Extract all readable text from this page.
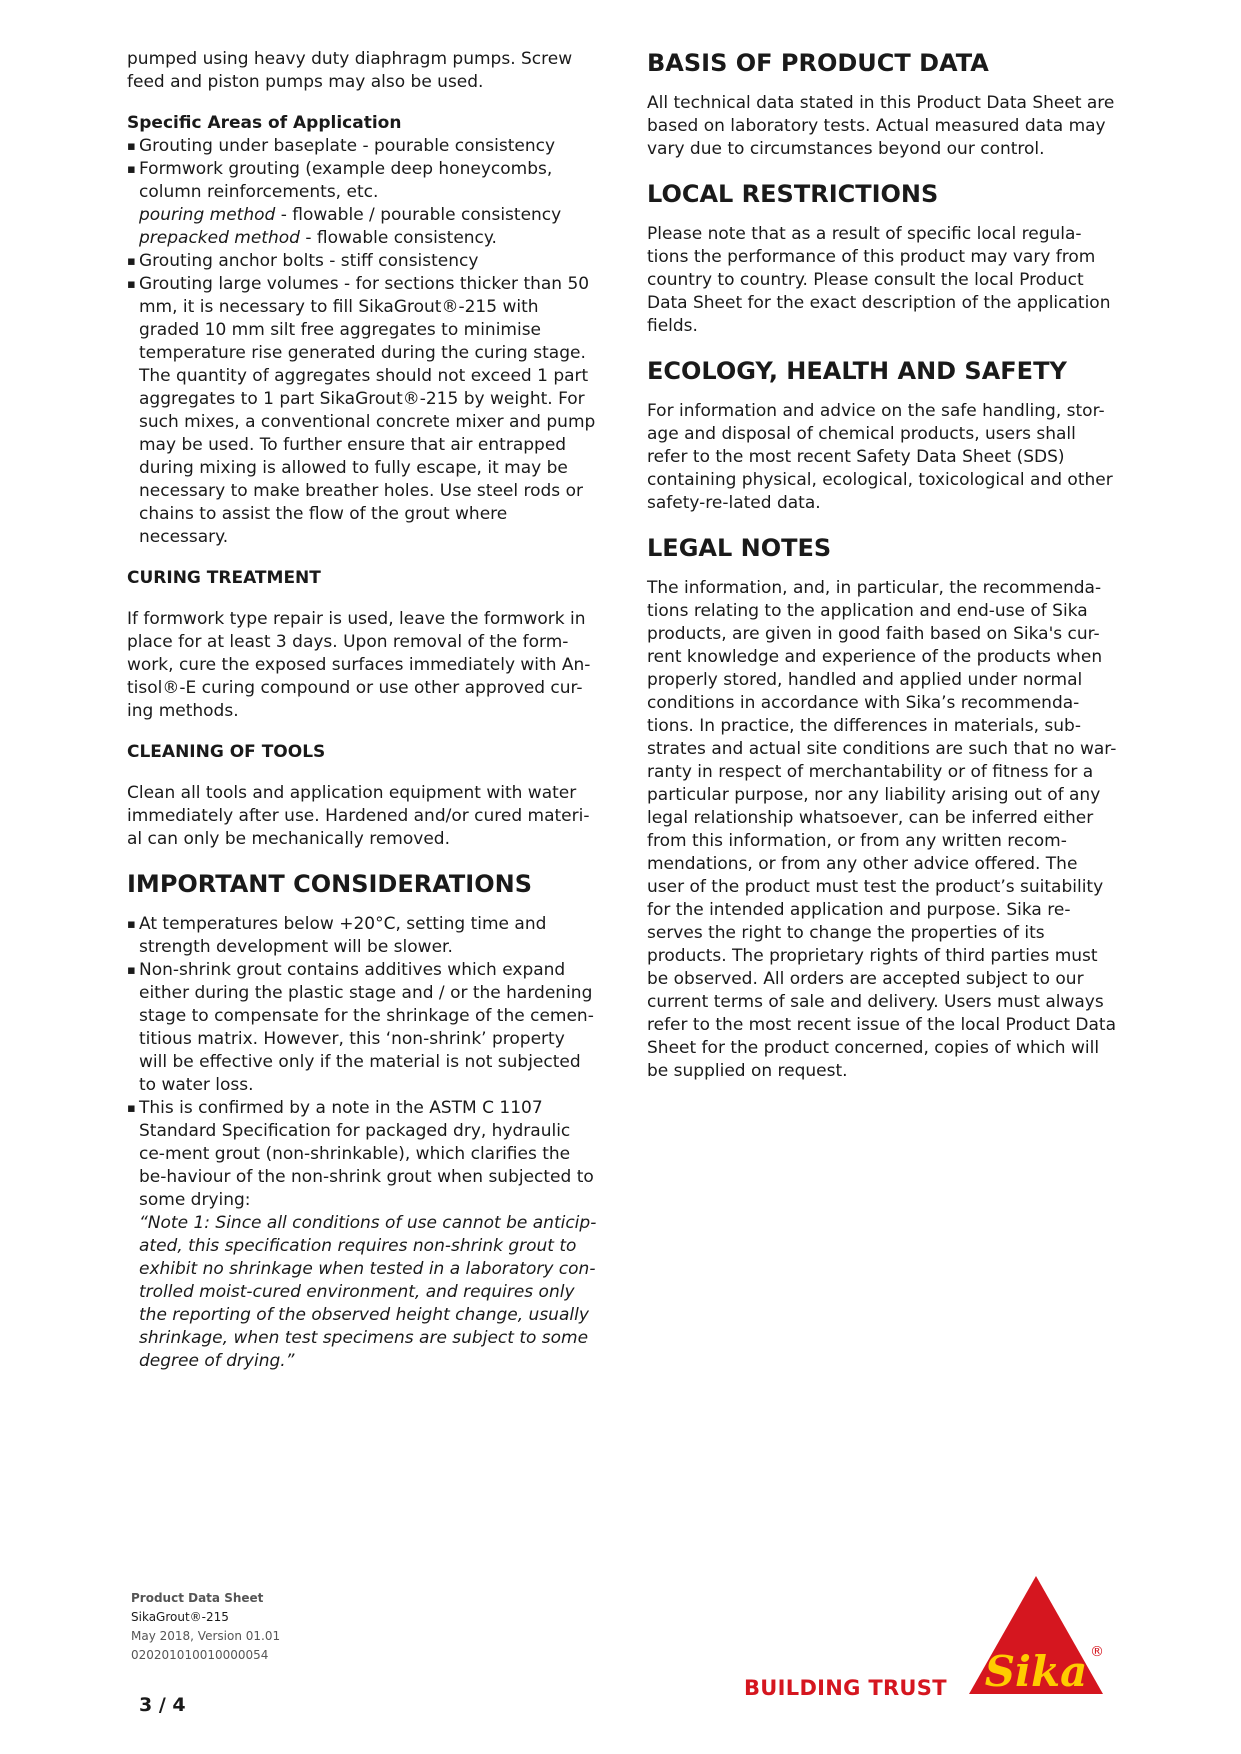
pumped using heavy duty diaphragm pumps. Screw feed and piston pumps may also be used.

Specific Areas of Application

▪ Grouting under baseplate - pourable consistency
▪ Formwork grouting (example deep honeycombs, column reinforcements, etc.
pouring method - flowable / pourable consistency
prepacked method - flowable consistency.
▪ Grouting anchor bolts - stiff consistency
▪ Grouting large volumes - for sections thicker than 50 mm, it is necessary to fill SikaGrout®-215 with graded 10 mm silt free aggregates to minimise temperature rise generated during the curing stage. The quantity of aggregates should not exceed 1 part aggregates to 1 part SikaGrout®-215 by weight. For such mixes, a conventional concrete mixer and pump may be used. To further ensure that air entrapped during mixing is allowed to fully escape, it may be necessary to make breather holes. Use steel rods or chains to assist the flow of the grout where necessary.
CURING TREATMENT

If formwork type repair is used, leave the formwork in place for at least 3 days. Upon removal of the form-work, cure the exposed surfaces immediately with An-tisol®-E curing compound or use other approved cur-ing methods.

CLEANING OF TOOLS

Clean all tools and application equipment with water immediately after use. Hardened and/or cured materi-al can only be mechanically removed.

IMPORTANT CONSIDERATIONS
▪ At temperatures below +20°C, setting time and strength development will be slower.
▪ Non-shrink grout contains additives which expand either during the plastic stage and / or the hardening stage to compensate for the shrinkage of the cemen-titious matrix. However, this ‘non-shrink’ property will be effective only if the material is not subjected to water loss.
▪ This is confirmed by a note in the ASTM C 1107 Standard Specification for packaged dry, hydraulic ce-ment grout (non-shrinkable), which clarifies the be-haviour of the non-shrink grout when subjected to some drying:
“Note 1: Since all conditions of use cannot be anticip-ated, this specification requires non-shrink grout to exhibit no shrinkage when tested in a laboratory con-trolled moist-cured environment, and requires only the reporting of the observed height change, usually shrinkage, when test specimens are subject to some degree of drying.”
BASIS OF PRODUCT DATA

All technical data stated in this Product Data Sheet are based on laboratory tests. Actual measured data may vary due to circumstances beyond our control.

LOCAL RESTRICTIONS

Please note that as a result of specific local regula-tions the performance of this product may vary from country to country. Please consult the local Product Data Sheet for the exact description of the application fields.

ECOLOGY, HEALTH AND SAFETY

For information and advice on the safe handling, stor-age and disposal of chemical products, users shall refer to the most recent Safety Data Sheet (SDS) containing physical, ecological, toxicological and other safety-re-lated data.

LEGAL NOTES

The information, and, in particular, the recommenda-tions relating to the application and end-use of Sika products, are given in good faith based on Sika's cur-rent knowledge and experience of the products when properly stored, handled and applied under normal conditions in accordance with Sika’s recommenda-tions. In practice, the differences in materials, sub-strates and actual site conditions are such that no war-ranty in respect of merchantability or of fitness for a particular purpose, nor any liability arising out of any legal relationship whatsoever, can be inferred either from this information, or from any written recom-mendations, or from any other advice offered. The user of the product must test the product’s suitability for the intended application and purpose. Sika re-serves the right to change the properties of its products. The proprietary rights of third parties must be observed. All orders are accepted subject to our current terms of sale and delivery. Users must always refer to the most recent issue of the local Product Data Sheet for the product concerned, copies of which will be supplied on request.

Product Data Sheet
SikaGrout®-215
May 2018, Version 01.01
020201010010000054
3 / 4
BUILDING TRUST Sika ®
